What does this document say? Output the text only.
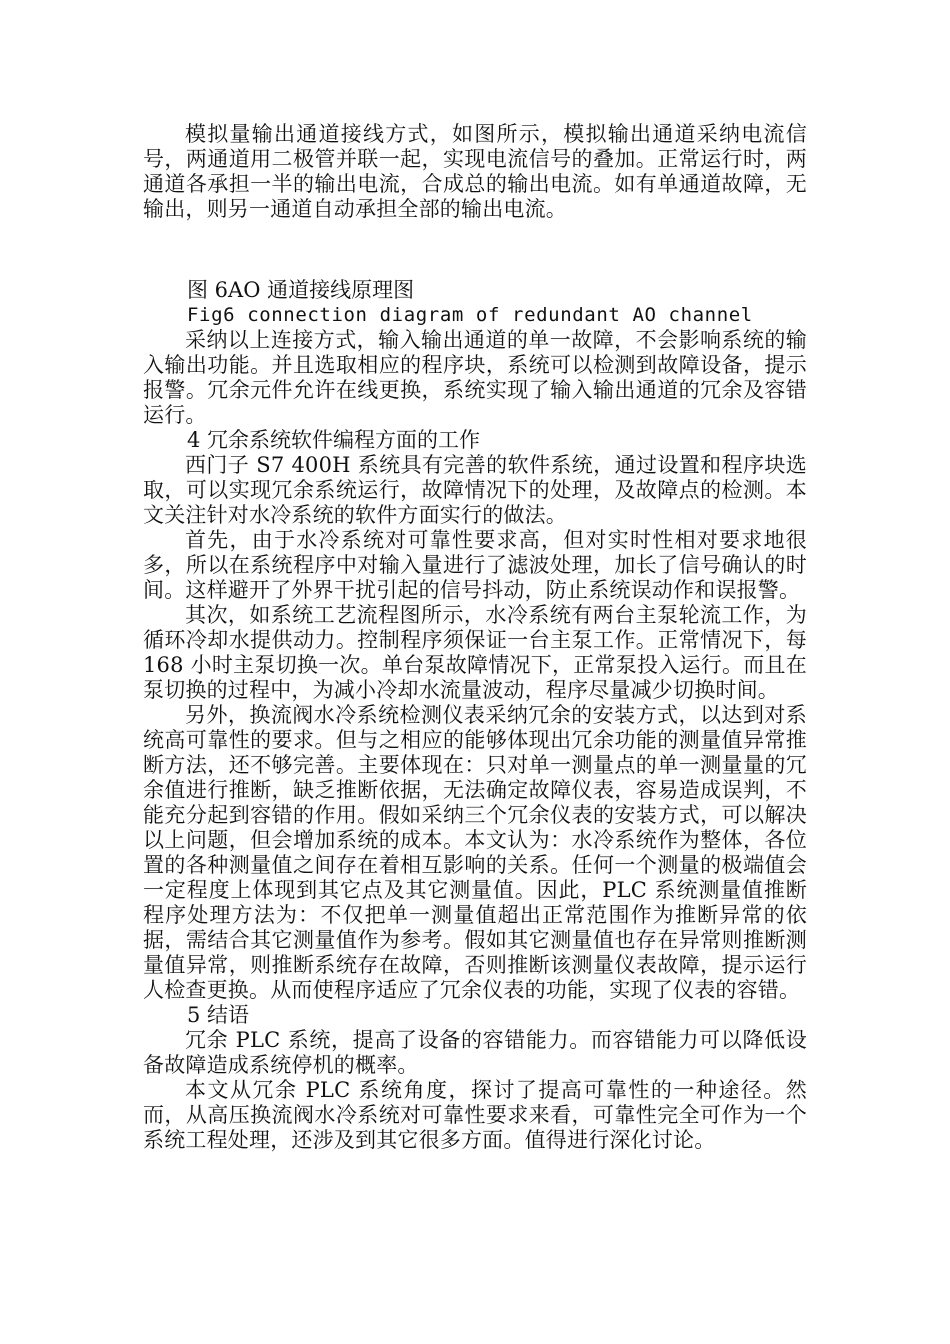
模拟量输出通道接线方式，如图所示，模拟输出通道采纳电流信号，两通道用二极管并联一起，实现电流信号的叠加。正常运行时，两通道各承担一半的输出电流，合成总的输出电流。如有单通道故障，无输出，则另一通道自动承担全部的输出电流。

图 6AO 通道接线原理图

Fig6 connection diagram of redundant AO channel

采纳以上连接方式，输入输出通道的单一故障，不会影响系统的输入输出功能。并且选取相应的程序块，系统可以检测到故障设备，提示报警。冗余元件允许在线更换，系统实现了输入输出通道的冗余及容错运行。

4 冗余系统软件编程方面的工作

西门子 S7 400H 系统具有完善的软件系统，通过设置和程序块选取，可以实现冗余系统运行，故障情况下的处理，及故障点的检测。本文关注针对水冷系统的软件方面实行的做法。

首先，由于水冷系统对可靠性要求高，但对实时性相对要求地很多，所以在系统程序中对输入量进行了滤波处理，加长了信号确认的时间。这样避开了外界干扰引起的信号抖动，防止系统误动作和误报警。

其次，如系统工艺流程图所示，水冷系统有两台主泵轮流工作，为循环冷却水提供动力。控制程序须保证一台主泵工作。正常情况下，每 168 小时主泵切换一次。单台泵故障情况下，正常泵投入运行。而且在泵切换的过程中，为减小冷却水流量波动，程序尽量减少切换时间。

另外，换流阀水冷系统检测仪表采纳冗余的安装方式，以达到对系统高可靠性的要求。但与之相应的能够体现出冗余功能的测量值异常推断方法，还不够完善。主要体现在：只对单一测量点的单一测量量的冗余值进行推断，缺乏推断依据，无法确定故障仪表，容易造成误判，不能充分起到容错的作用。假如采纳三个冗余仪表的安装方式，可以解决以上问题，但会增加系统的成本。本文认为：水冷系统作为整体，各位置的各种测量值之间存在着相互影响的关系。任何一个测量的极端值会一定程度上体现到其它点及其它测量值。因此，PLC 系统测量值推断程序处理方法为：不仅把单一测量值超出正常范围作为推断异常的依据，需结合其它测量值作为参考。假如其它测量值也存在异常则推断测量值异常，则推断系统存在故障，否则推断该测量仪表故障，提示运行人检查更换。从而使程序适应了冗余仪表的功能，实现了仪表的容错。

5 结语

冗余 PLC 系统，提高了设备的容错能力。而容错能力可以降低设备故障造成系统停机的概率。

本文从冗余 PLC 系统角度，探讨了提高可靠性的一种途径。然而，从高压换流阀水冷系统对可靠性要求来看，可靠性完全可作为一个系统工程处理，还涉及到其它很多方面。值得进行深化讨论。
